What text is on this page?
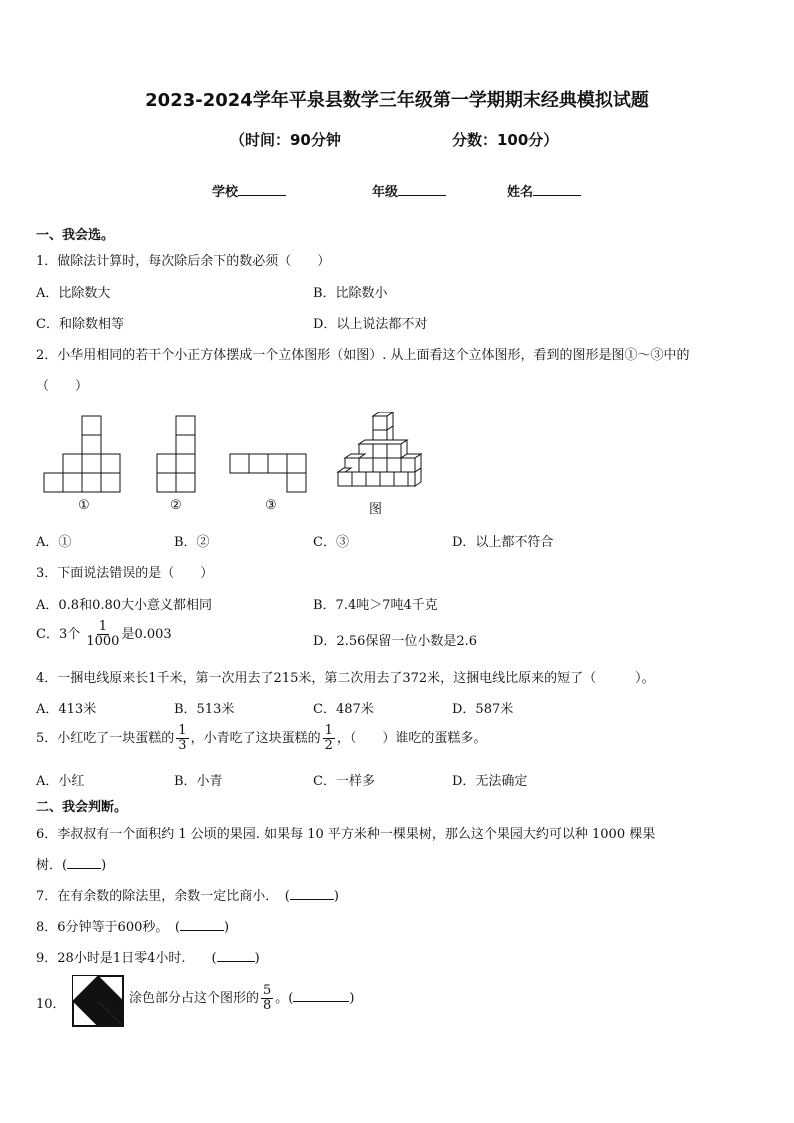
2023-2024学年平泉县数学三年级第一学期期末经典模拟试题
（时间：90分钟	分数：100分）
学校	年级	姓名
一、我会选。
1．做除法计算时，每次除后余下的数必须（　　）
A．比除数大	B．比除数小
C．和除数相等	D．以上说法都不对
2．小华用相同的若干个小正方体摆成一个立体图形（如图）. 从上面看这个立体图形，看到的图形是图①～③中的
（　　）
①	②	③	图
A．①	B．②	C．③	D．以上都不符合
3．下面说法错误的是（　　）
A．0.8和0.80大小意义都相同	B．7.4吨＞7吨4千克
C．3个 $\frac{1}{1000}$ 是0.003	D．2.56保留一位小数是2.6
4．一捆电线原来长1千米，第一次用去了215米，第二次用去了372米，这捆电线比原来的短了（　　　）。
A．413米	B．513米	C．487米	D．587米
5．小红吃了一块蛋糕的 $\frac{1}{3}$ ，小青吃了这块蛋糕的 $\frac{1}{2}$ ，（　　）谁吃的蛋糕多。
A．小红	B．小青	C．一样多	D．无法确定
二、我会判断。
6．李叔叔有一个面积约 1 公顷的果园. 如果每 10 平方米种一棵果树，那么这个果园大约可以种 1000 棵果
树．(	)
7．在有余数的除法里，余数一定比商小．　(	)
8．6分钟等于600秒。　(	)
9．28小时是1日零4小时.　　(	)
10．	涂色部分占这个图形的 $\frac{5}{8}$ 。(	)
